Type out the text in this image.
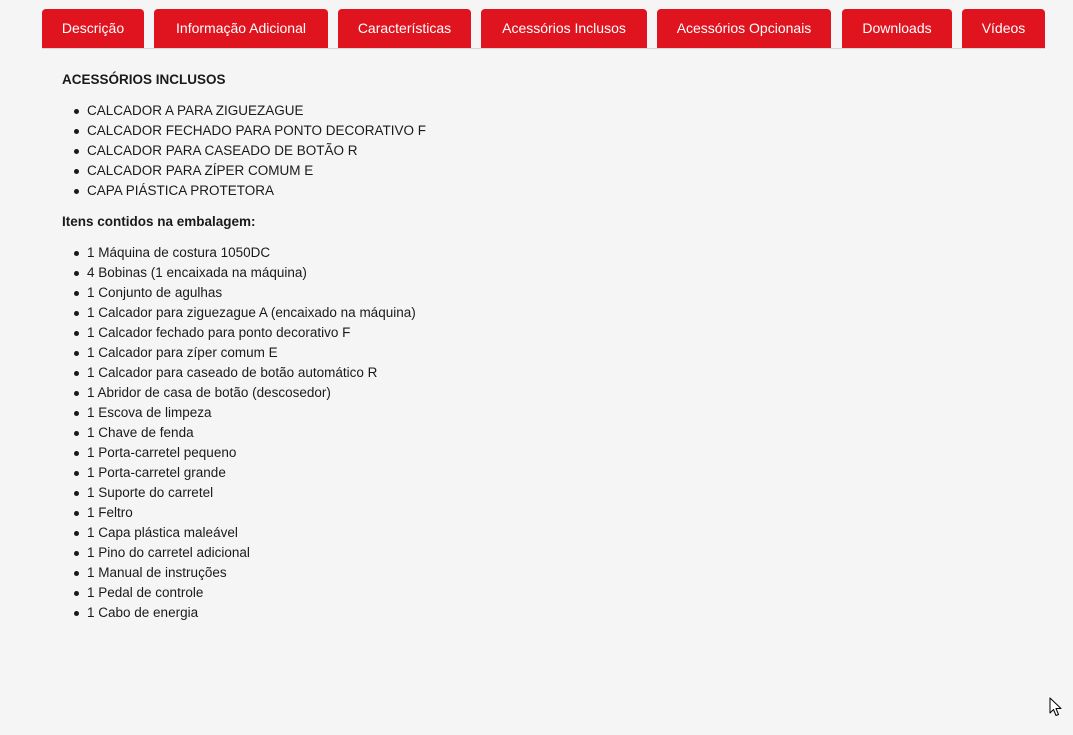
Descrição	Informação Adicional	Características	Acessórios Inclusos	Acessórios Opcionais	Downloads	Vídeos

ACESSÓRIOS INCLUSOS

CALCADOR A PARA ZIGUEZAGUE
CALCADOR FECHADO PARA PONTO DECORATIVO F
CALCADOR PARA CASEADO DE BOTÃO R
CALCADOR PARA ZÍPER COMUM E
CAPA PIÁSTICA PROTETORA

Itens contidos na embalagem:

1 Máquina de costura 1050DC
4 Bobinas (1 encaixada na máquina)
1 Conjunto de agulhas
1 Calcador para ziguezague A (encaixado na máquina)
1 Calcador fechado para ponto decorativo F
1 Calcador para zíper comum E
1 Calcador para caseado de botão automático R
1 Abridor de casa de botão (descosedor)
1 Escova de limpeza
1 Chave de fenda
1 Porta-carretel pequeno
1 Porta-carretel grande
1 Suporte do carretel
1 Feltro
1 Capa plástica maleável
1 Pino do carretel adicional
1 Manual de instruções
1 Pedal de controle
1 Cabo de energia
